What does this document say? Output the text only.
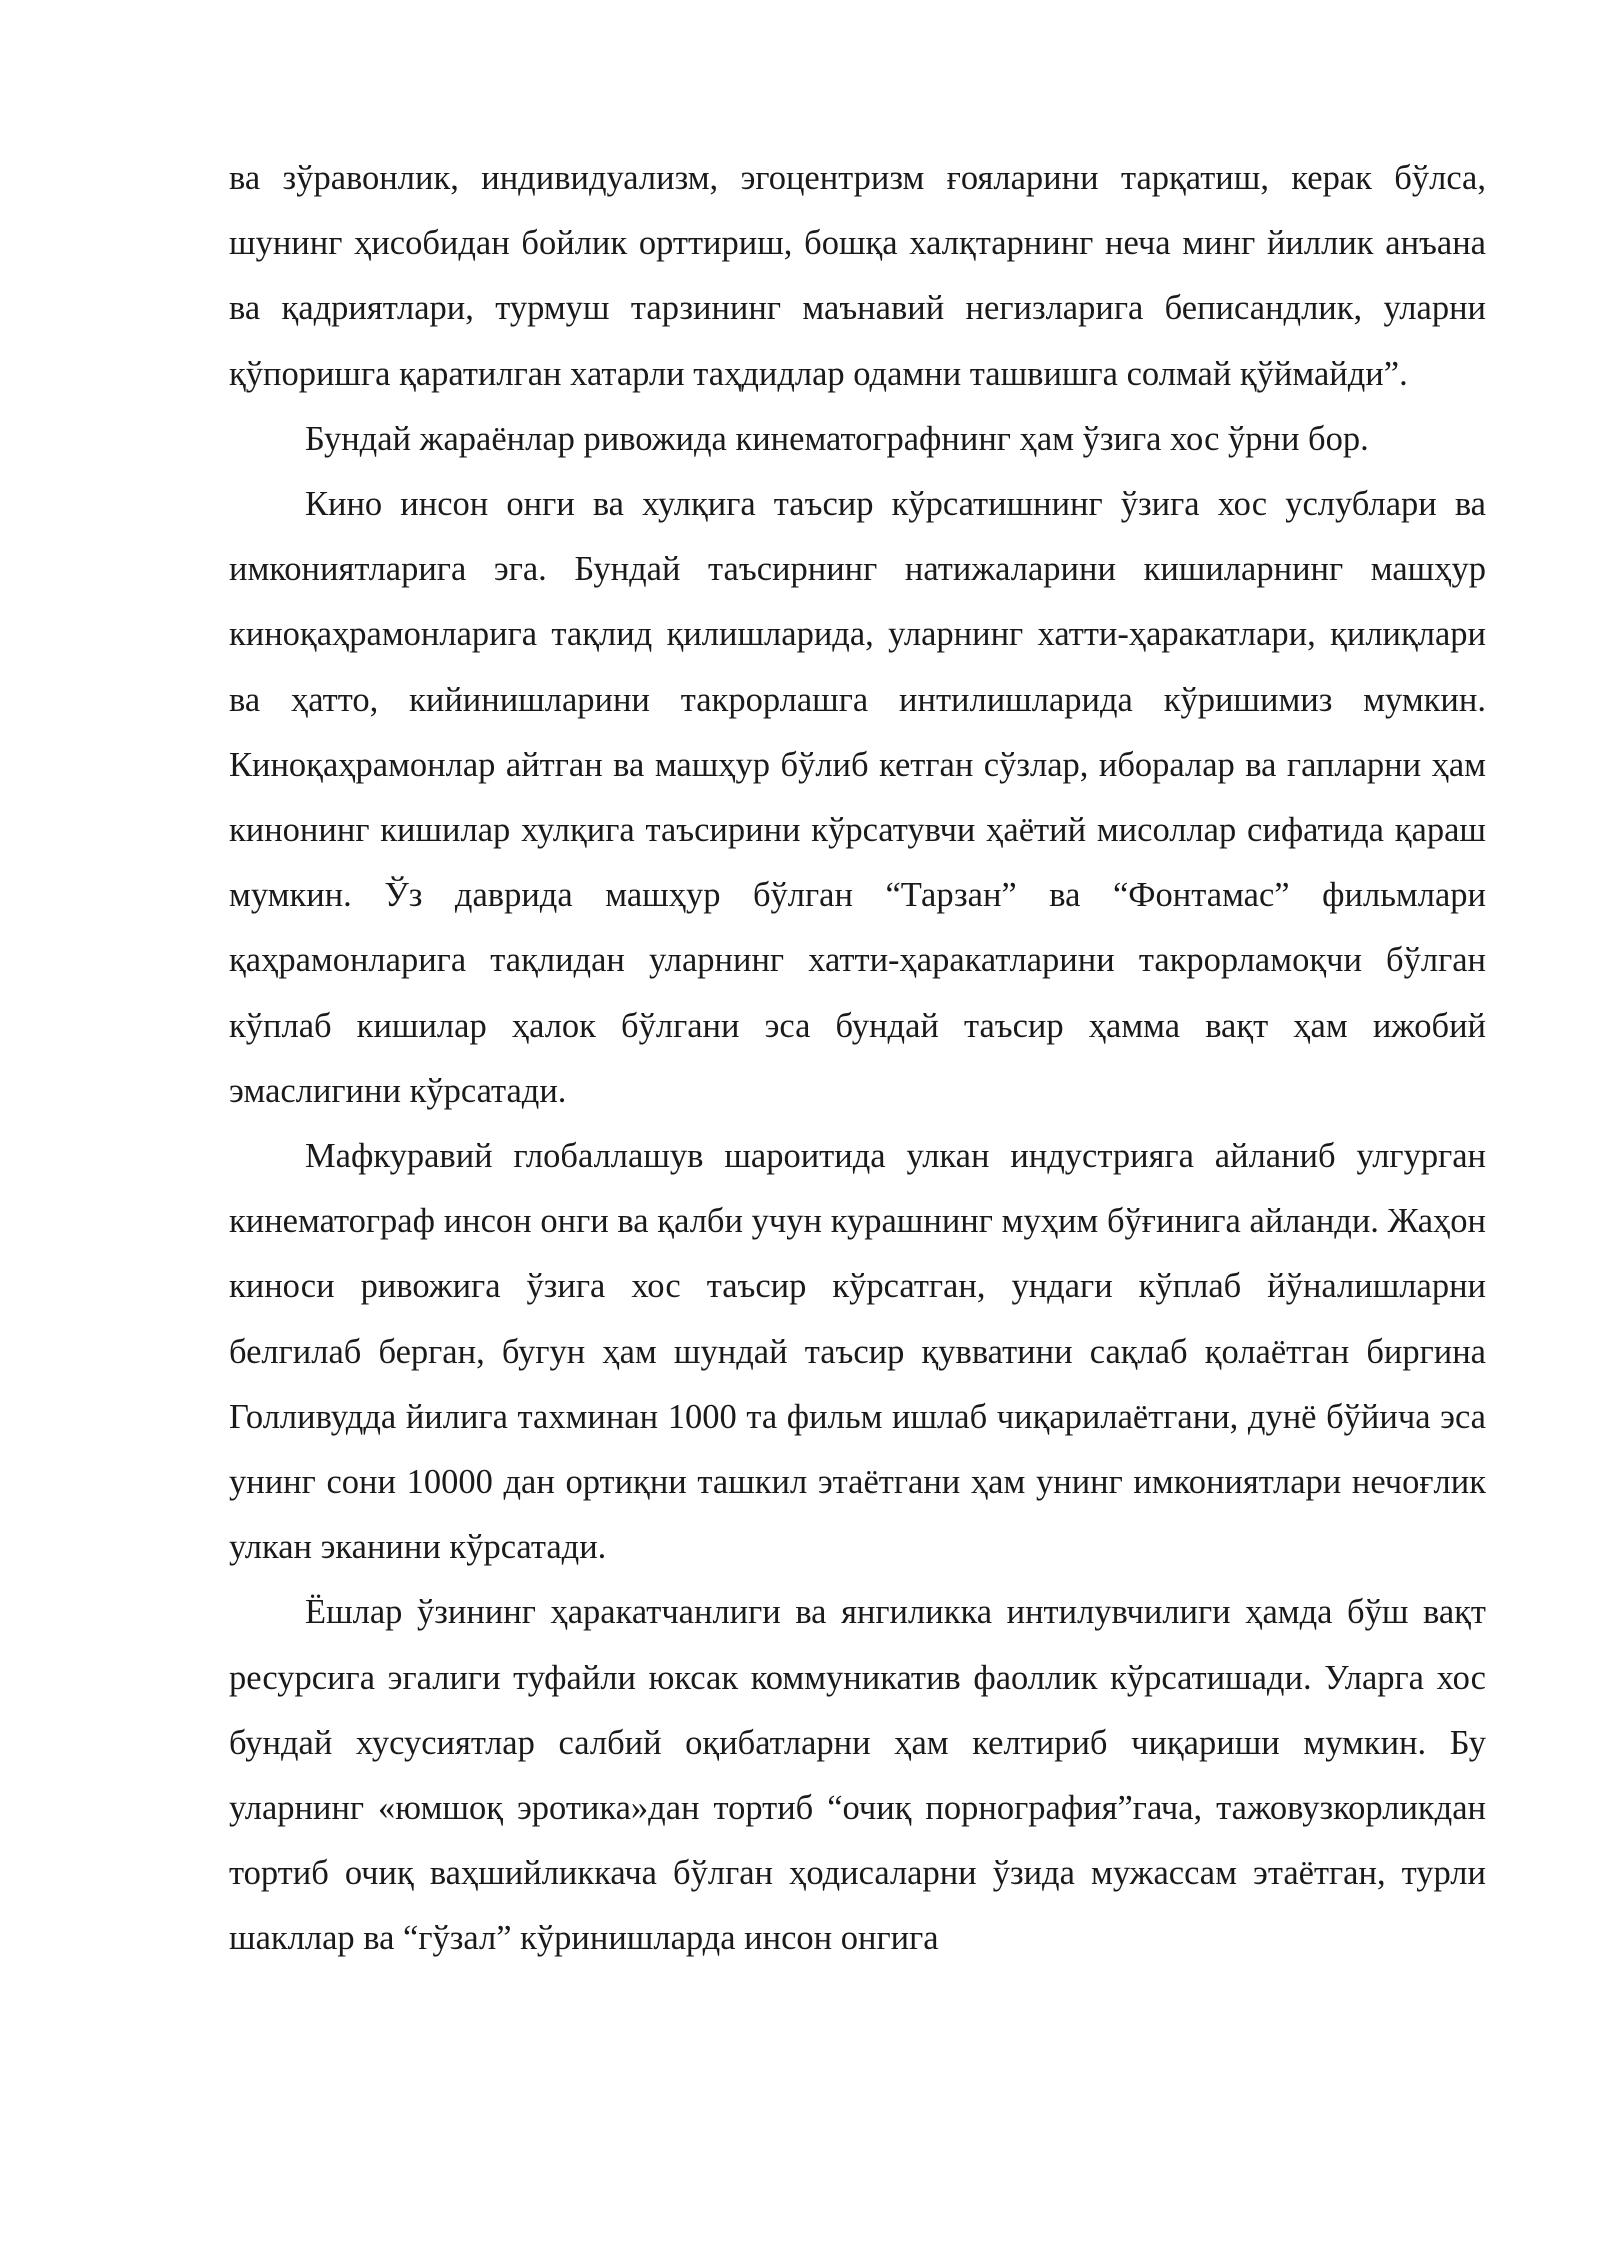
ва зўравонлик, индивидуализм, эгоцентризм ғояларини тарқатиш, керак бўлса, шунинг ҳисобидан бойлик орттириш, бошқа халқтарнинг неча минг йиллик анъана ва қадриятлари, турмуш тарзининг маънавий негизларига беписандлик, уларни қўпоришга қаратилган хатарли таҳдидлар одамни ташвишга солмай қўймайди”.

Бундай жараёнлар ривожида кинематографнинг ҳам ўзига хос ўрни бор.

Кино инсон онги ва хулқига таъсир кўрсатишнинг ўзига хос услублари ва имкониятларига эга. Бундай таъсирнинг натижаларини кишиларнинг машҳур киноқаҳрамонларига тақлид қилишларида, уларнинг хатти-ҳаракатлари, қилиқлари ва ҳатто, кийинишларини такрорлашга интилишларида кўришимиз мумкин. Киноқаҳрамонлар айтган ва машҳур бўлиб кетган сўзлар, иборалар ва гапларни ҳам кинонинг кишилар хулқига таъсирини кўрсатувчи ҳаётий мисоллар сифатида қараш мумкин. Ўз даврида машҳур бўлган “Тарзан” ва “Фонтамас” фильмлари қаҳрамонларига тақлидан уларнинг хатти-ҳаракатларини такрорламоқчи бўлган кўплаб кишилар ҳалок бўлгани эса бундай таъсир ҳамма вақт ҳам ижобий эмаслигини кўрсатади.

Мафкуравий глобаллашув шароитида улкан индустрияга айланиб улгурган кинематограф инсон онги ва қалби учун курашнинг муҳим бўғинига айланди. Жаҳон киноси ривожига ўзига хос таъсир кўрсатган, ундаги кўплаб йўналишларни белгилаб берган, бугун ҳам шундай таъсир қувватини сақлаб қолаётган биргина Голливудда йилига тахминан 1000 та фильм ишлаб чиқарилаётгани, дунё бўйича эса унинг сони 10000 дан ортиқни ташкил этаётгани ҳам унинг имкониятлари нечоғлик улкан эканини кўрсатади.

Ёшлар ўзининг ҳаракатчанлиги ва янгиликка интилувчилиги ҳамда бўш вақт ресурсига эгалиги туфайли юксак коммуникатив фаоллик кўрсатишади. Уларга хос бундай хусусиятлар салбий оқибатларни ҳам келтириб чиқариши мумкин. Бу уларнинг «юмшоқ эротика»дан тортиб “очиқ порнография”гача, тажовузкорликдан тортиб очиқ ваҳшийликкача бўлган ҳодисаларни ўзида мужассам этаётган, турли шакллар ва “гўзал” кўринишларда инсон онгига
